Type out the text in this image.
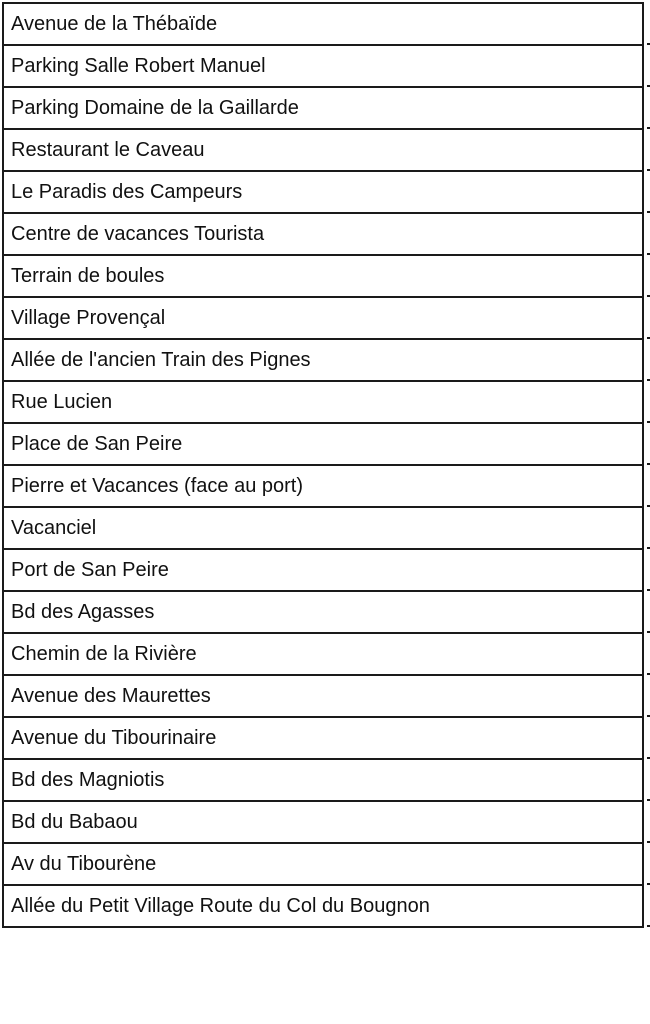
Avenue de la Thébaïde
Parking Salle Robert Manuel
Parking Domaine de la Gaillarde
Restaurant le Caveau
Le Paradis des Campeurs
Centre de vacances Tourista
Terrain de boules
Village Provençal
Allée de l'ancien Train des Pignes
Rue Lucien
Place de San Peire
Pierre et Vacances (face au port)
Vacanciel
Port de San Peire
Bd des Agasses
Chemin de la Rivière
Avenue des Maurettes
Avenue du Tibourinaire
Bd des Magniotis
Bd du Babaou
Av du Tibourène
Allée du Petit Village Route du Col du Bougnon
